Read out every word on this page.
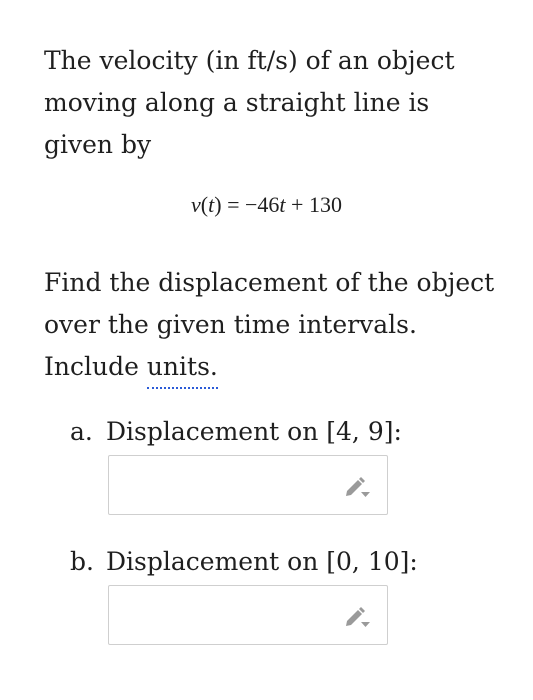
The velocity (in ft/s) of an object moving along a straight line is given by

v(t) = −46t + 130

Find the displacement of the object over the given time intervals. Include units.

a. Displacement on [4, 9]:
b. Displacement on [0, 10]:
